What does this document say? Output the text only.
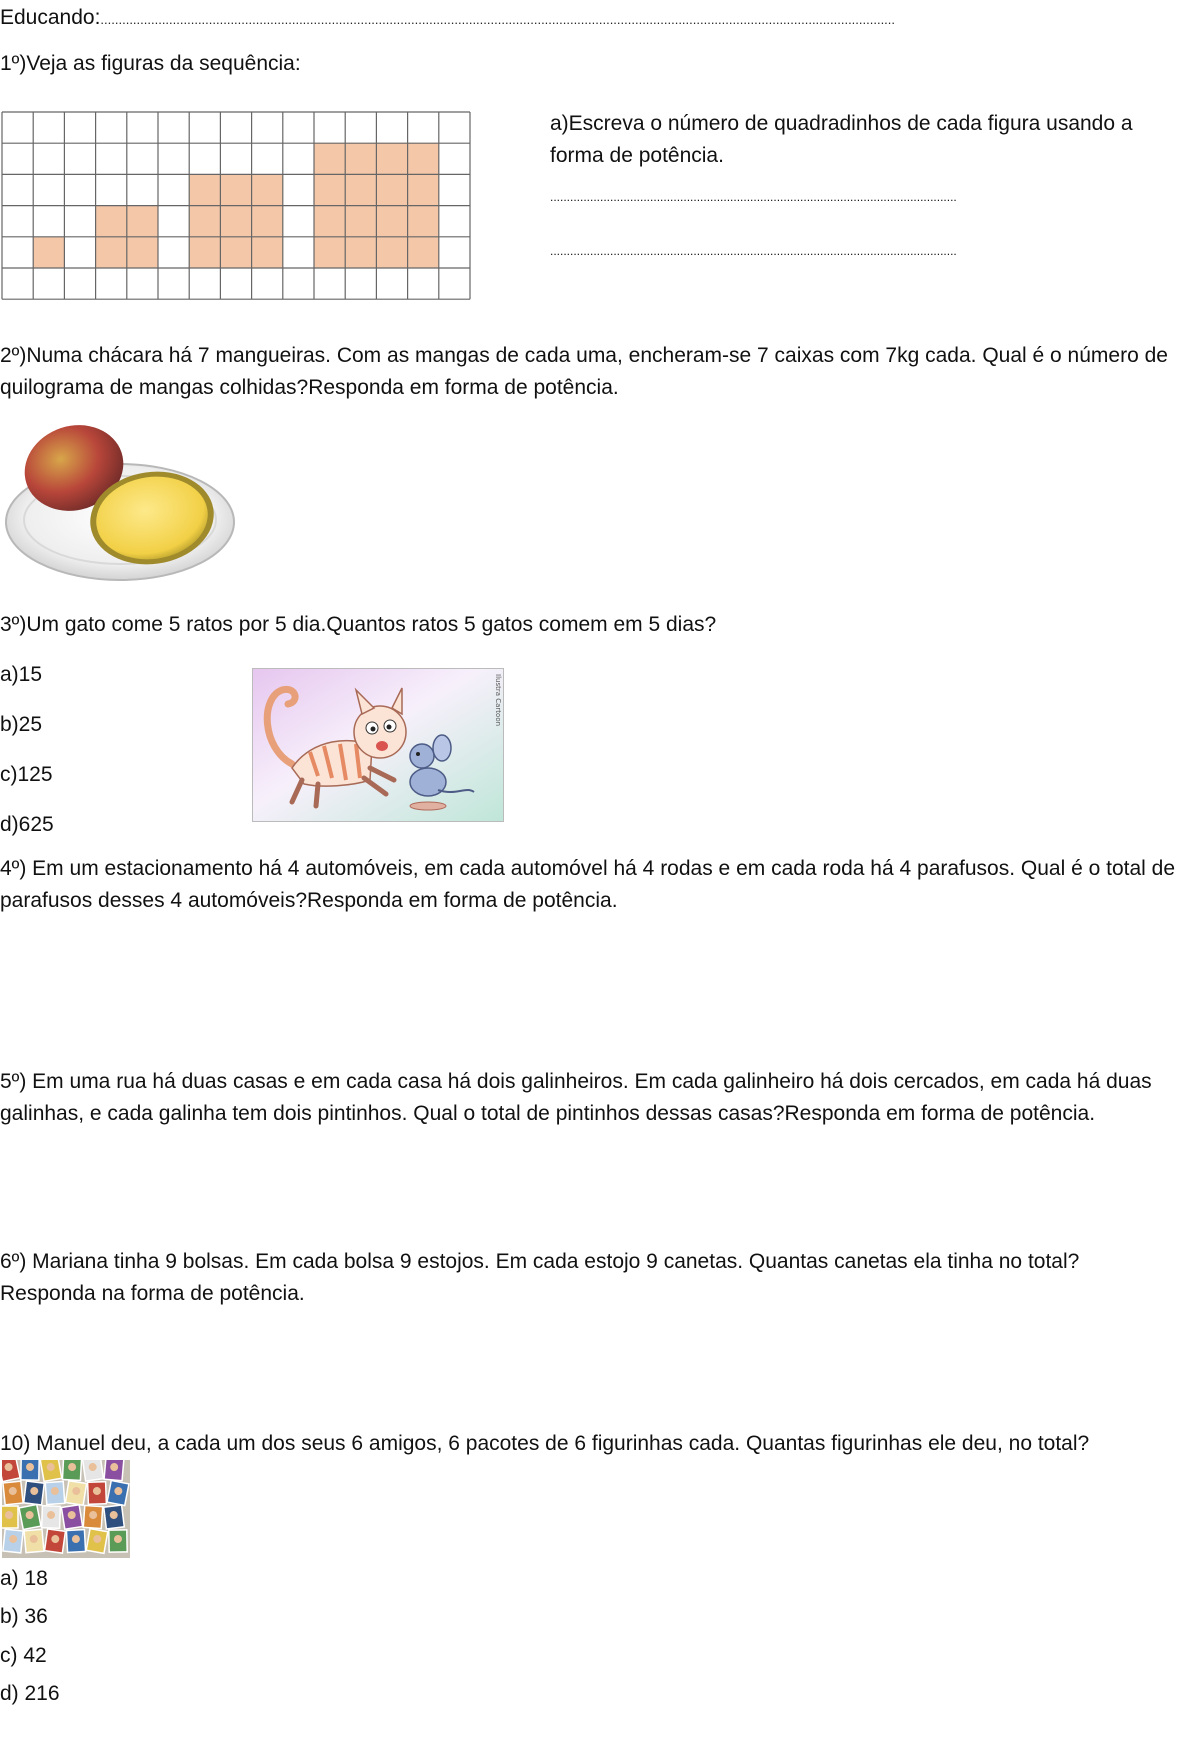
Educando:............................................................................................................................................................................................................................
1º)Veja as figuras da sequência:
a)Escreva o número de quadradinhos de cada figura usando a forma de potência.
..........................................................................................................................
..........................................................................................................................
2º)Numa chácara há 7 mangueiras. Com as mangas de cada uma, encheram-se 7 caixas com 7kg cada. Qual é o número de quilograma de mangas colhidas?Responda em forma de potência.
3º)Um gato come 5 ratos por 5 dia.Quantos ratos 5 gatos comem em 5 dias?
a)15
b)25
c)125
d)625
Ilustra Cartoon
4º) Em um estacionamento há 4 automóveis, em cada automóvel há 4 rodas e em cada roda há 4 parafusos. Qual é o total de parafusos desses 4 automóveis?Responda em forma de potência.
5º) Em uma rua há duas casas e em cada casa há dois galinheiros. Em cada galinheiro há dois cercados, em cada há duas galinhas, e cada galinha tem dois pintinhos. Qual o total de pintinhos dessas casas?Responda em forma de potência.
6º) Mariana tinha 9 bolsas. Em cada bolsa 9 estojos. Em cada estojo 9 canetas. Quantas canetas ela tinha no total?Responda na forma de potência.
10) Manuel deu, a cada um dos seus 6 amigos, 6 pacotes de 6 figurinhas cada. Quantas figurinhas ele deu, no total?
a) 18
b) 36
c) 42
d) 216
